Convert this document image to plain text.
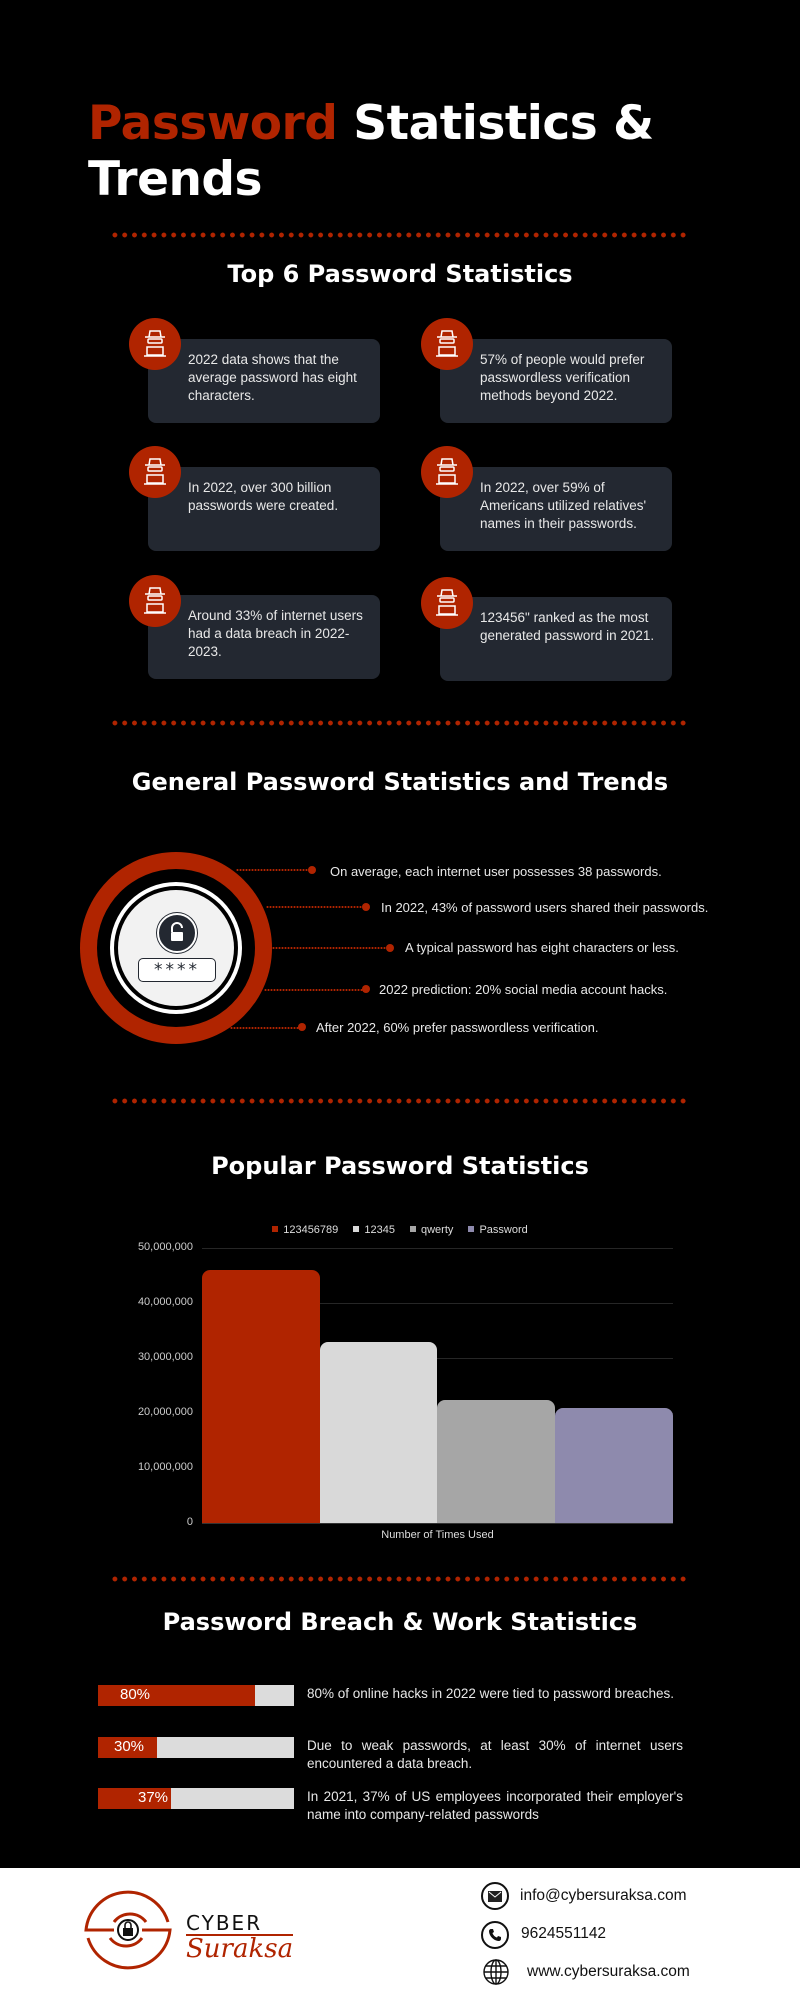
Password Statistics & Trends
Top 6 Password Statistics
2022 data shows that the average password has eight characters.
57% of people would prefer passwordless verification methods beyond 2022.
In 2022, over 300 billion passwords were created.
In 2022, over 59% of Americans utilized relatives' names in their passwords.
Around 33% of internet users had a data breach in 2022-2023.
123456" ranked as the most generated password in 2021.
General Password Statistics and Trends
****
On average, each internet user possesses 38 passwords.
In 2022, 43% of password users shared their passwords.
A typical password has eight characters or less.
2022 prediction: 20% social media account hacks.
After 2022, 60% prefer passwordless verification.
Popular Password Statistics
123456789 12345 qwerty Password
50,000,000
40,000,000
30,000,000
20,000,000
10,000,000
0
Number of Times Used
Password Breach & Work Statistics
80%	80% of online hacks in 2022 were tied to password breaches.
30%	Due to weak passwords, at least 30% of internet users encountered a data breach.
37%	In 2021, 37% of US employees incorporated their employer's name into company-related passwords
CYBER
Suraksa
info@cybersuraksa.com
9624551142
www.cybersuraksa.com
